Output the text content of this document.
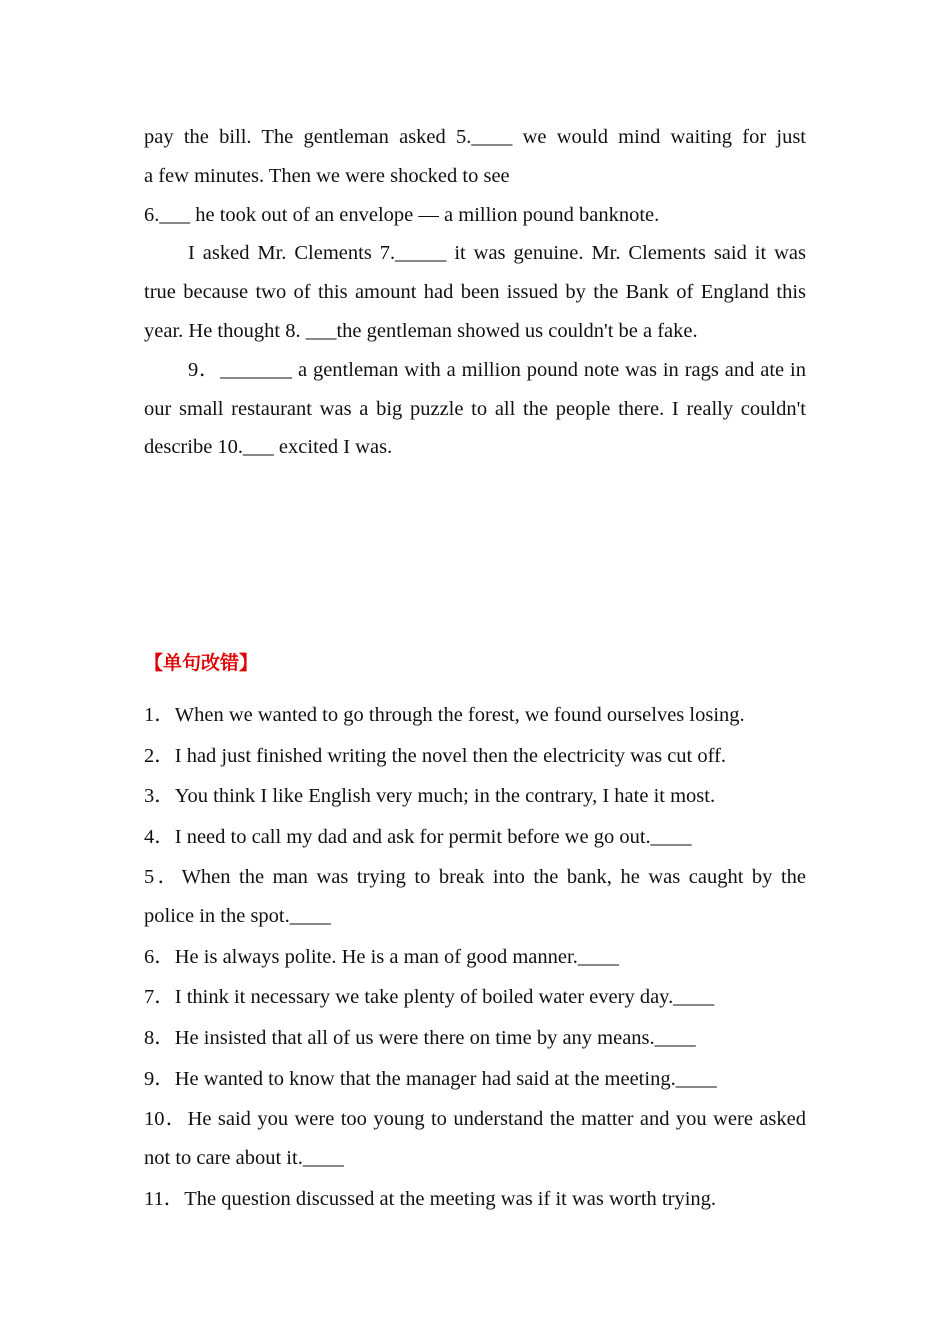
pay the bill. The gentleman asked 5.____ we would mind waiting for just
a few minutes. Then we were shocked to see
6.___ he took out of an envelope — a million pound banknote.

I asked Mr. Clements 7._____ it was genuine. Mr. Clements said it was true because two of this amount had been issued by the Bank of England this year. He thought 8. ___the gentleman showed us couldn't be a fake.

9．_______ a gentleman with a million pound note was in rags and ate in our small restaurant was a big puzzle to all the people there. I really couldn't describe 10.___ excited I was.

【单句改错】

1．When we wanted to go through the forest, we found ourselves losing.

2．I had just finished writing the novel then the electricity was cut off.

3．You think I like English very much; in the contrary, I hate it most.

4．I need to call my dad and ask for permit before we go out.____

5．When the man was trying to break into the bank, he was caught by the police in the spot.____

6．He is always polite. He is a man of good manner.____

7．I think it necessary we take plenty of boiled water every day.____

8．He insisted that all of us were there on time by any means.____

9．He wanted to know that the manager had said at the meeting.____

10．He said you were too young to understand the matter and you were asked not to care about it.____

11．The question discussed at the meeting was if it was worth trying.
